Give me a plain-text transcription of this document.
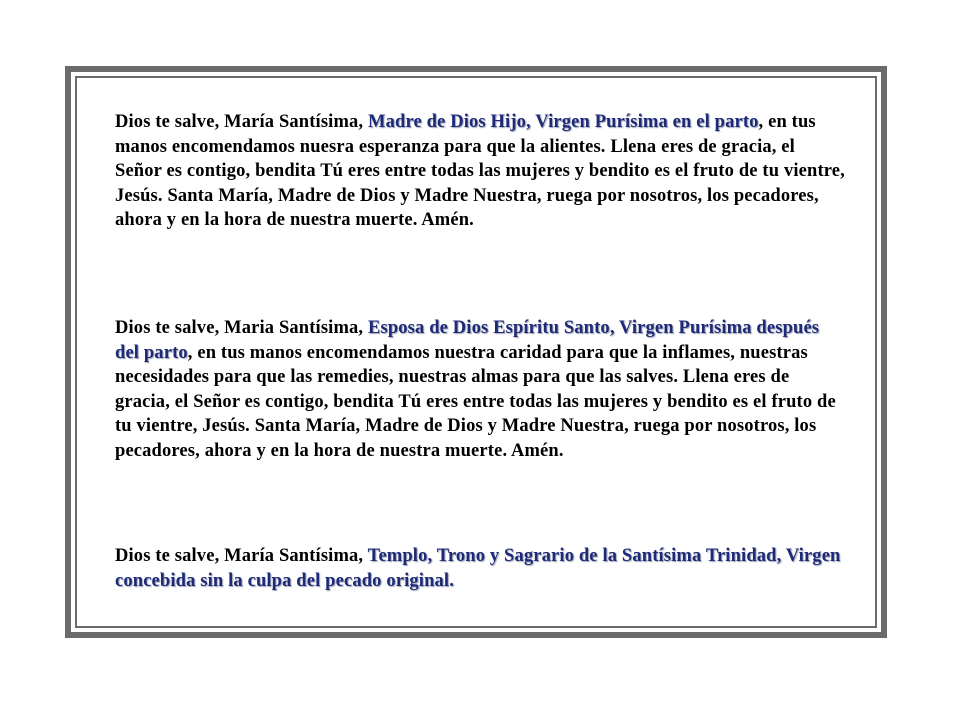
Dios te salve, María Santísima, Madre de Dios Hijo, Virgen Purísima en el parto, en tus manos encomendamos nuesra esperanza para que la alientes. Llena eres de gracia, el Señor es contigo, bendita Tú eres entre todas las mujeres y bendito es el fruto de tu vientre, Jesús. Santa María, Madre de Dios y Madre Nuestra, ruega por nosotros, los pecadores, ahora y en la hora de nuestra muerte. Amén.

Dios te salve, Maria Santísima, Esposa de Dios Espíritu Santo, Virgen Purísima después del parto, en tus manos encomendamos nuestra caridad para que la inflames, nuestras necesidades para que las remedies, nuestras almas para que las salves. Llena eres de gracia, el Señor es contigo, bendita Tú eres entre todas las mujeres y bendito es el fruto de tu vientre, Jesús. Santa María, Madre de Dios y Madre Nuestra, ruega por nosotros, los pecadores, ahora y en la hora de nuestra muerte. Amén.

Dios te salve, María Santísima, Templo, Trono y Sagrario de la Santísima Trinidad, Virgen concebida sin la culpa del pecado original.
